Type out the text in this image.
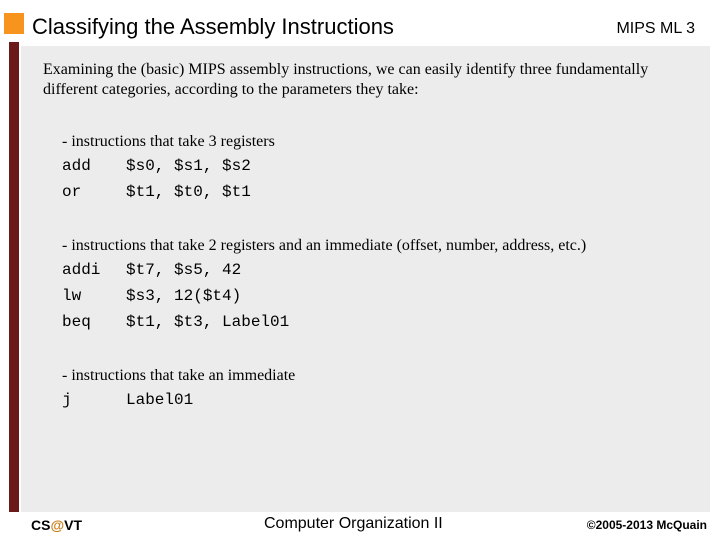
Classifying the Assembly Instructions	MIPS ML 3
Examining the (basic) MIPS assembly instructions, we can easily identify three fundamentally different categories, according to the parameters they take:
- instructions that take 3 registers
add	$s0, $s1, $s2
or	$t1, $t0, $t1
- instructions that take 2 registers and an immediate (offset, number, address, etc.)
addi	$t7, $s5, 42
lw	$s3, 12($t4)
beq	$t1, $t3, Label01
- instructions that take an immediate
j	Label01
CS@VT	Computer Organization II	©2005-2013 McQuain
